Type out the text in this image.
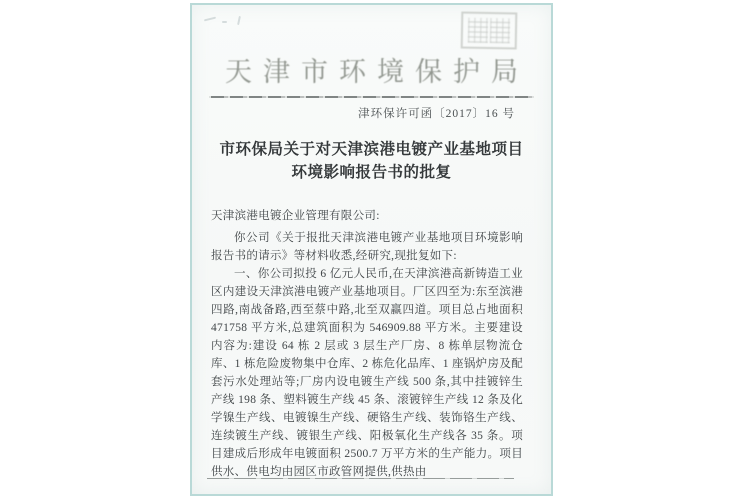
天津市环境保护局
津环保许可函〔2017〕16 号
市环保局关于对天津滨港电镀产业基地项目
环境影响报告书的批复

天津滨港电镀企业管理有限公司:

你公司《关于报批天津滨港电镀产业基地项目环境影响报告书的请示》等材料收悉,经研究,现批复如下:

一、你公司拟投 6 亿元人民币,在天津滨港高新铸造工业区内建设天津滨港电镀产业基地项目。厂区四至为:东至滨港四路,南战备路,西至蔡中路,北至双赢四道。项目总占地面积 471758 平方米,总建筑面积为 546909.88 平方米。主要建设内容为:建设 64 栋 2 层或 3 层生产厂房、8 栋单层物流仓库、1 栋危险废物集中仓库、2 栋危化品库、1 座锅炉房及配套污水处理站等;厂房内设电镀生产线 500 条,其中挂镀锌生产线 198 条、塑料镀生产线 45 条、滚镀锌生产线 12 条及化学镍生产线、电镀镍生产线、硬铬生产线、装饰铬生产线、连续镀生产线、镀银生产线、阳极氧化生产线各 35 条。项目建成后形成年电镀面积 2500.7 万平方米的生产能力。项目供水、供电均由园区市政管网提供,供热由
